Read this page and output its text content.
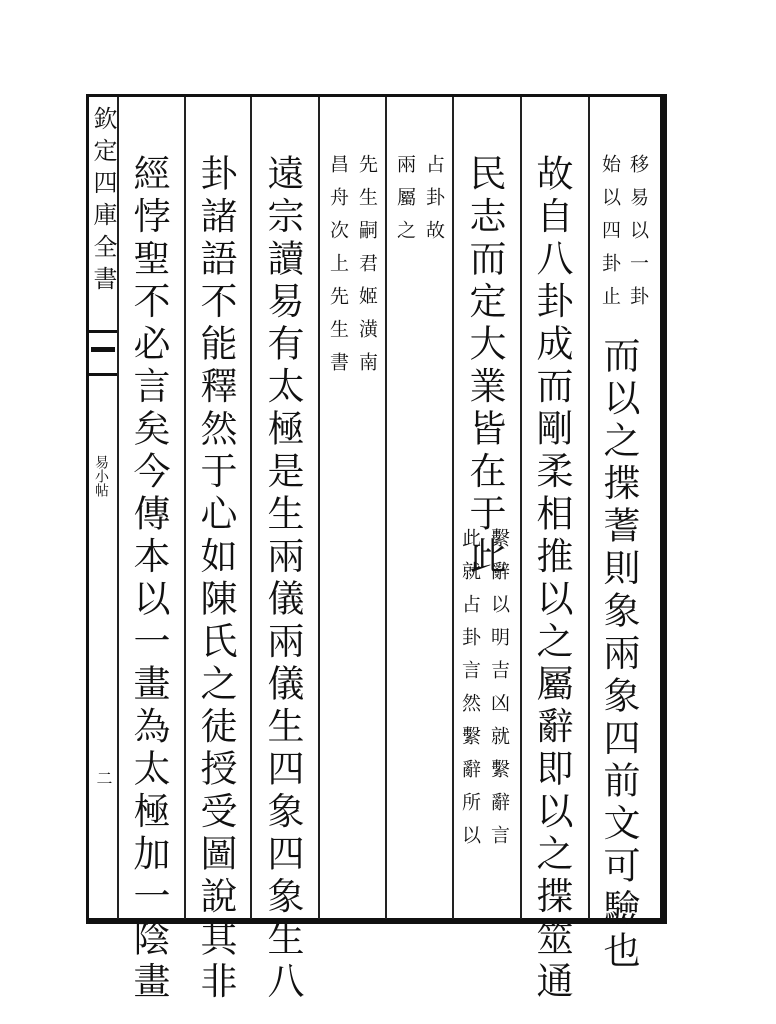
欽定四庫全書
易小帖
二
移易以一卦
始以四卦止
而以之揲蓍則象兩象四前文可驗也
故自八卦成而剛柔相推以之屬辭即以之揲筮通
民志而定大業皆在于此
繫辭以明吉凶就繫辭言
此就占卦言然繫辭所以
占卦故
兩屬之
先生嗣君姬潢南
昌舟次上先生書
遠宗讀易有太極是生兩儀兩儀生四象四象生八
卦諸語不能釋然于心如陳氏之徒授受圖說其非
經悖聖不必言矣今傳本以一畫為太極加一陰畫
